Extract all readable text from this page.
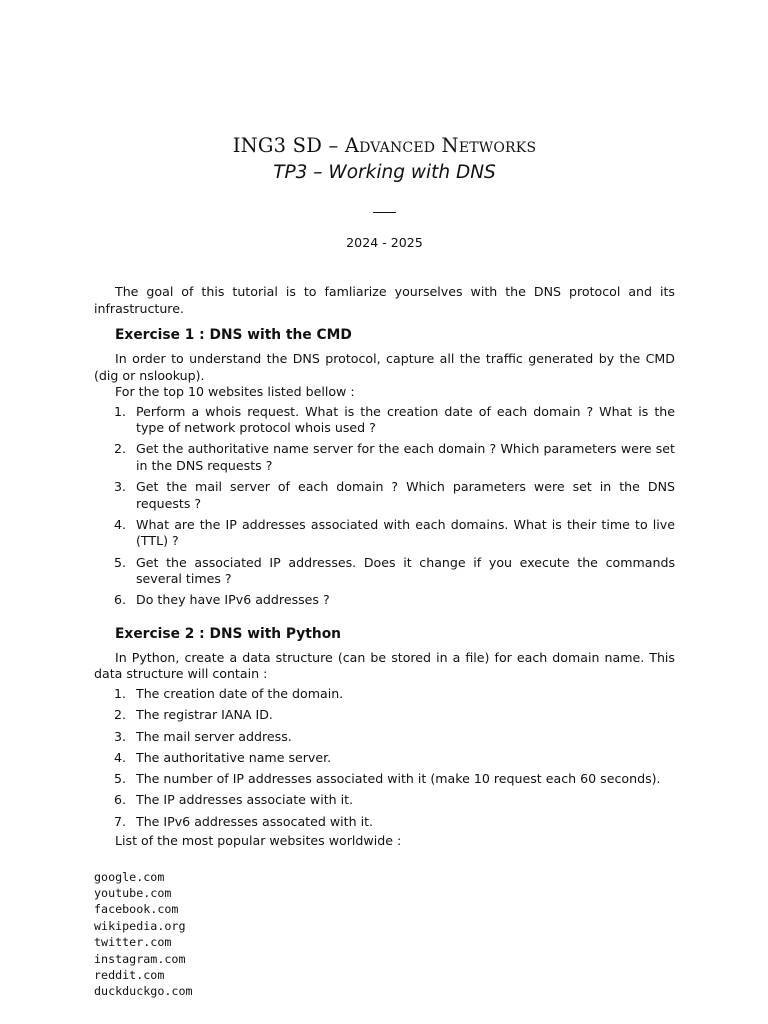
ING3 SD – Advanced Networks
TP3 – Working with DNS
2024 - 2025

The goal of this tutorial is to famliarize yourselves with the DNS protocol and its infrastructure.

Exercise 1 : DNS with the CMD

In order to understand the DNS protocol, capture all the traffic generated by the CMD (dig or nslookup).

For the top 10 websites listed bellow :

1. Perform a whois request. What is the creation date of each domain ? What is the type of network protocol whois used ?
2. Get the authoritative name server for the each domain ? Which parameters were set in the DNS requests ?
3. Get the mail server of each domain ? Which parameters were set in the DNS requests ?
4. What are the IP addresses associated with each domains. What is their time to live (TTL) ?
5. Get the associated IP addresses. Does it change if you execute the commands several times ?
6. Do they have IPv6 addresses ?
Exercise 2 : DNS with Python

In Python, create a data structure (can be stored in a file) for each domain name. This data structure will contain :

1. The creation date of the domain.
2. The registrar IANA ID.
3. The mail server address.
4. The authoritative name server.
5. The number of IP addresses associated with it (make 10 request each 60 seconds).
6. The IP addresses associate with it.
7. The IPv6 addresses assocated with it.

List of the most popular websites worldwide :

google.com
youtube.com
facebook.com
wikipedia.org
twitter.com
instagram.com
reddit.com
duckduckgo.com
